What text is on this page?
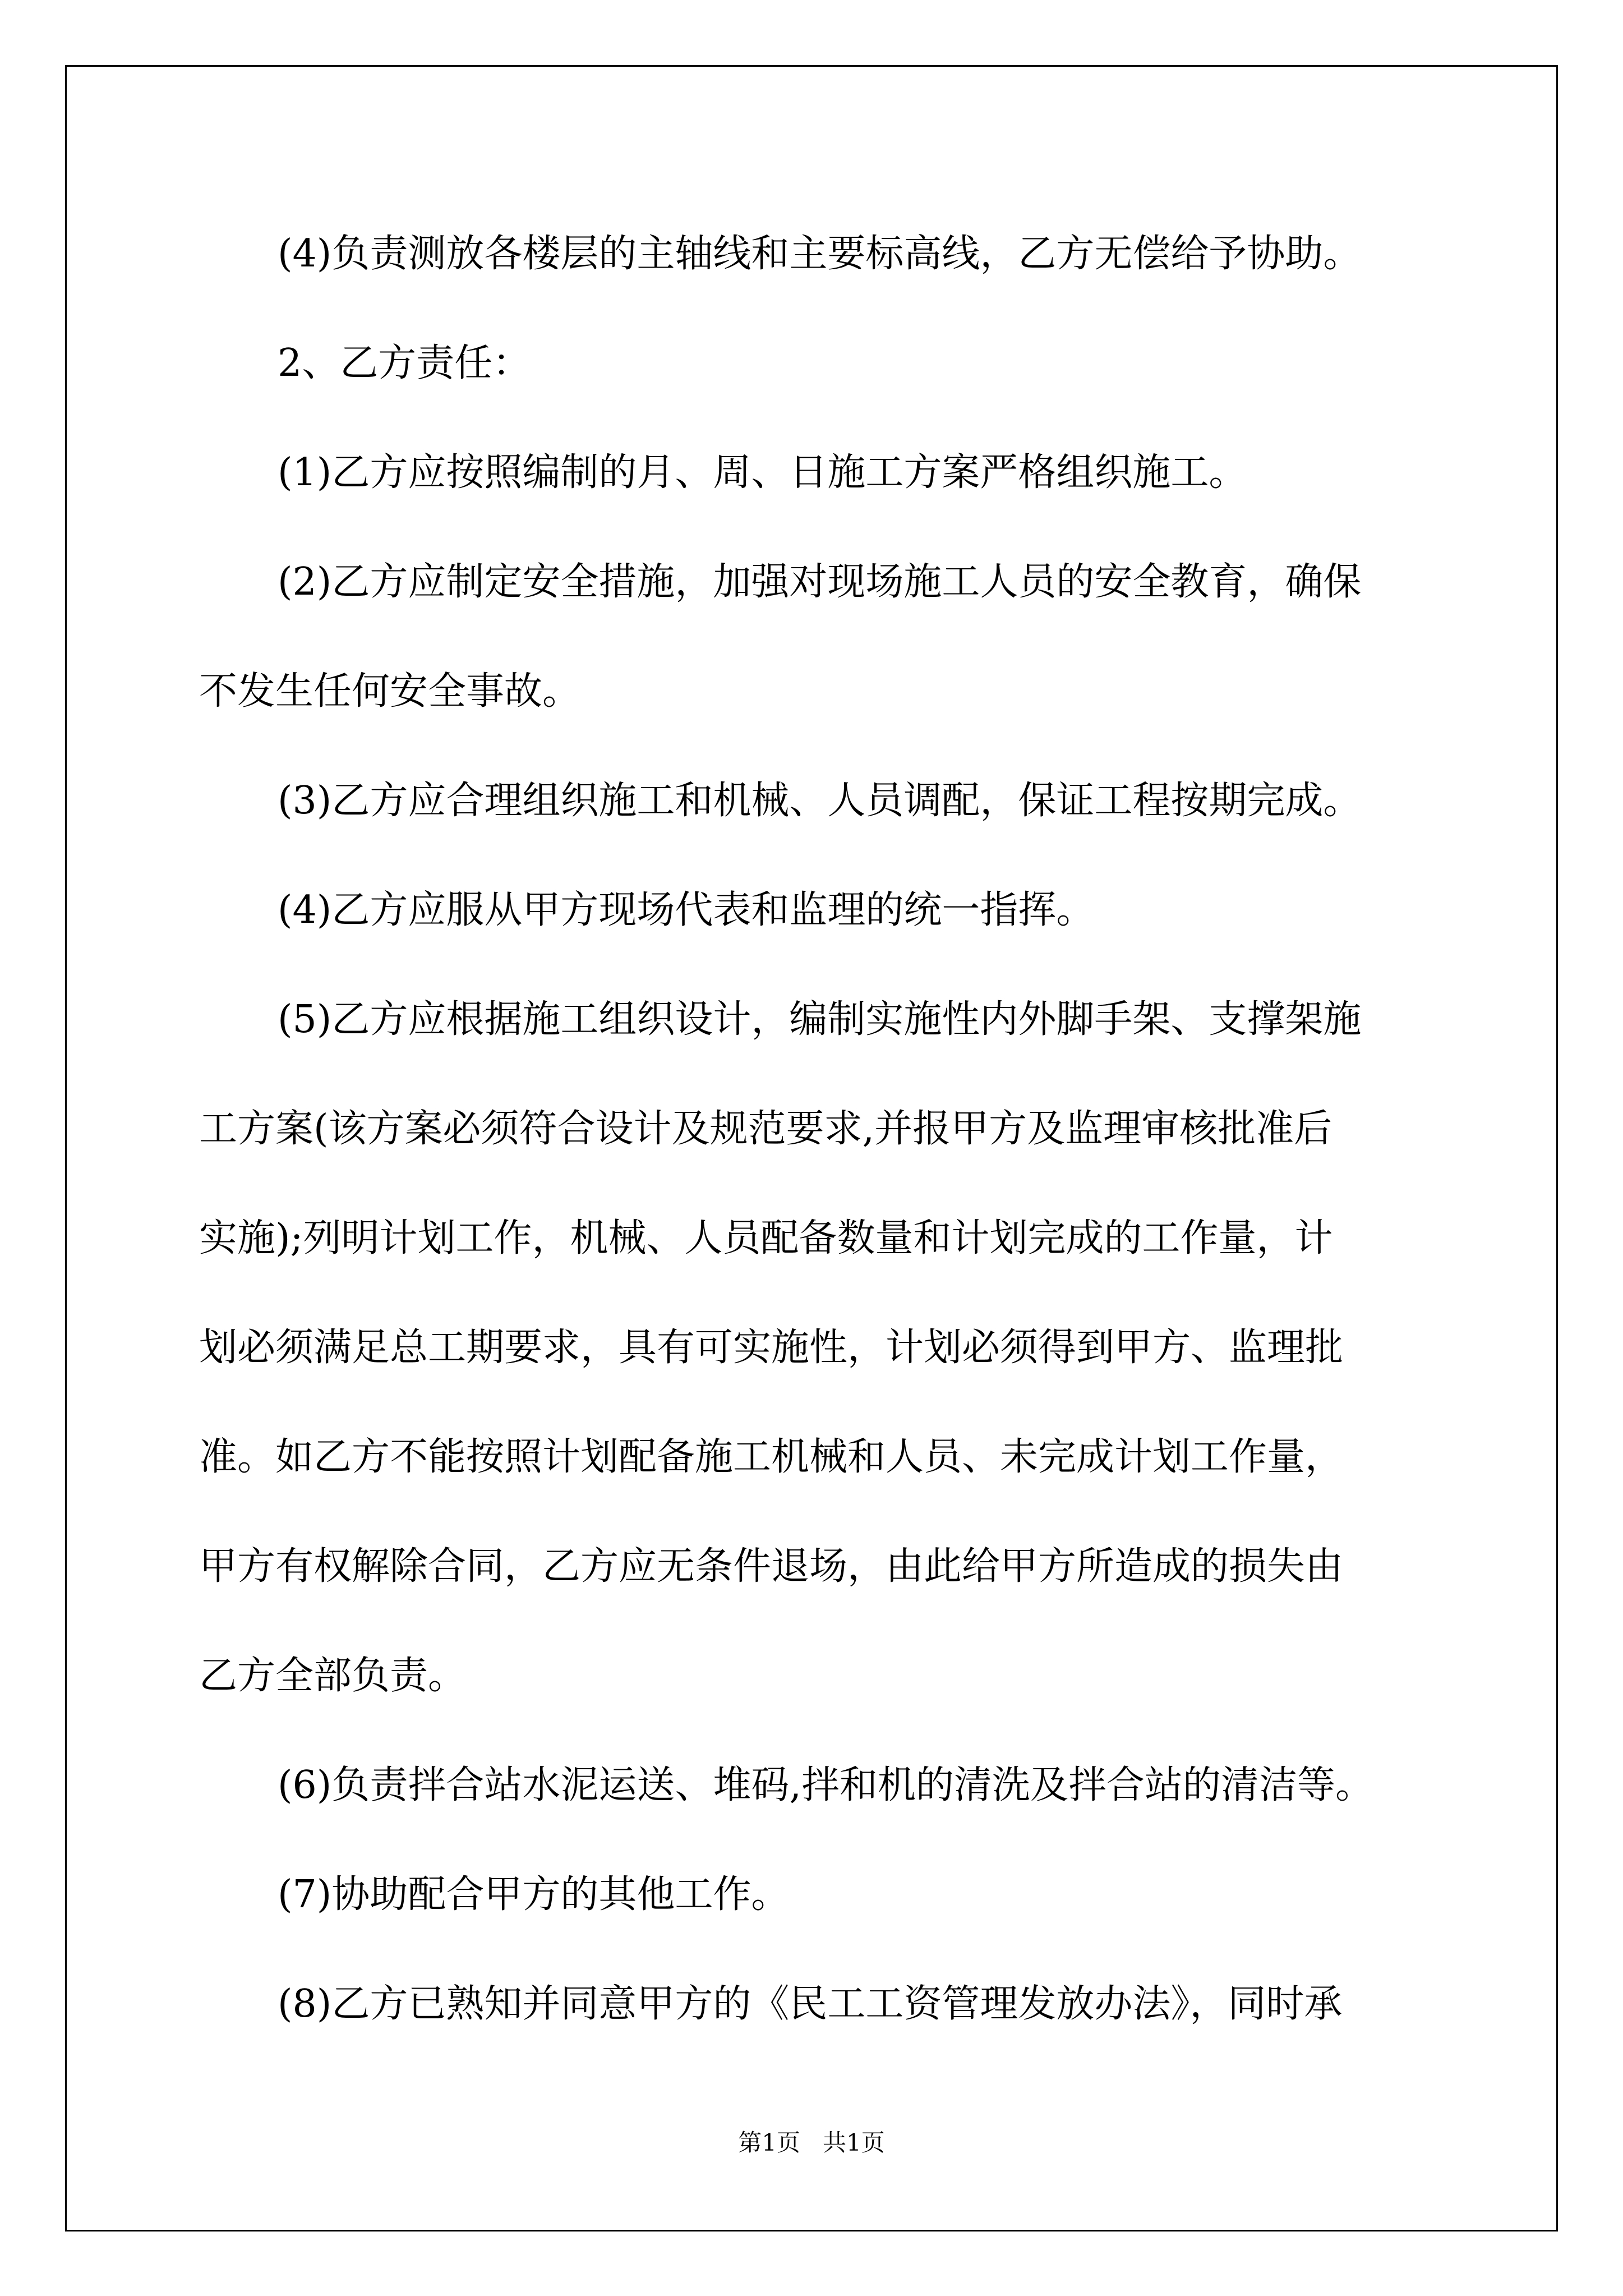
(4)负责测放各楼层的主轴线和主要标高线，乙方无偿给予协助。
2、乙方责任：
(1)乙方应按照编制的月、周、日施工方案严格组织施工。
(2)乙方应制定安全措施，加强对现场施工人员的安全教育，确保
不发生任何安全事故。
(3)乙方应合理组织施工和机械、人员调配，保证工程按期完成。
(4)乙方应服从甲方现场代表和监理的统一指挥。
(5)乙方应根据施工组织设计，编制实施性内外脚手架、支撑架施
工方案(该方案必须符合设计及规范要求,并报甲方及监理审核批准后
实施);列明计划工作，机械、人员配备数量和计划完成的工作量，计
划必须满足总工期要求，具有可实施性，计划必须得到甲方、监理批
准。如乙方不能按照计划配备施工机械和人员、未完成计划工作量，
甲方有权解除合同，乙方应无条件退场，由此给甲方所造成的损失由
乙方全部负责。
(6)负责拌合站水泥运送、堆码,拌和机的清洗及拌合站的清洁等。
(7)协助配合甲方的其他工作。
(8)乙方已熟知并同意甲方的《民工工资管理发放办法》，同时承
第1页   共1页
